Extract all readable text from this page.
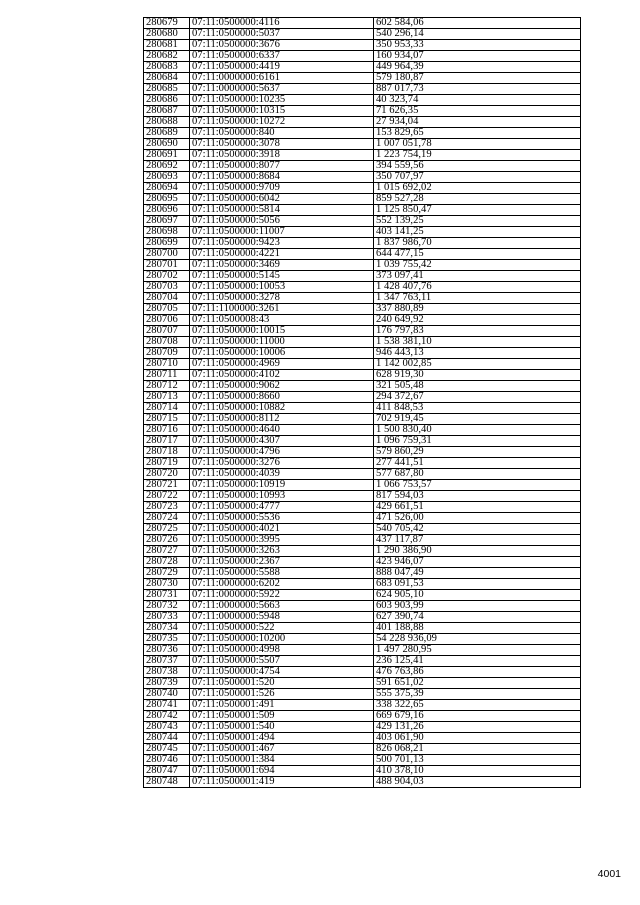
280679	07:11:0500000:4116	602 584,06
280680	07:11:0500000:5037	540 296,14
280681	07:11:0500000:3676	350 953,33
280682	07:11:0500000:6337	160 934,07
280683	07:11:0500000:4419	449 964,39
280684	07:11:0000000:6161	579 180,87
280685	07:11:0000000:5637	887 017,73
280686	07:11:0500000:10235	40 323,74
280687	07:11:0500000:10315	71 626,35
280688	07:11:0500000:10272	27 934,04
280689	07:11:0500000:840	153 829,65
280690	07:11:0500000:3078	1 007 051,78
280691	07:11:0500000:3918	1 223 754,19
280692	07:11:0500000:8077	394 559,56
280693	07:11:0500000:8684	350 707,97
280694	07:11:0500000:9709	1 015 692,02
280695	07:11:0500000:6042	859 527,28
280696	07:11:0500000:5814	1 125 850,47
280697	07:11:0500000:5056	552 139,25
280698	07:11:0500000:11007	403 141,25
280699	07:11:0500000:9423	1 837 986,70
280700	07:11:0500000:4221	644 477,15
280701	07:11:0500000:3469	1 039 755,42
280702	07:11:0500000:5145	373 097,41
280703	07:11:0500000:10053	1 428 407,76
280704	07:11:0500000:3278	1 347 763,11
280705	07:11:1100000:3261	337 880,89
280706	07:11:0500008:43	240 649,92
280707	07:11:0500000:10015	176 797,83
280708	07:11:0500000:11000	1 538 381,10
280709	07:11:0500000:10006	946 443,13
280710	07:11:0500000:4969	1 142 002,85
280711	07:11:0500000:4102	628 919,30
280712	07:11:0500000:9062	321 505,48
280713	07:11:0500000:8660	294 372,67
280714	07:11:0500000:10882	411 848,53
280715	07:11:0500000:8112	702 919,45
280716	07:11:0500000:4640	1 500 830,40
280717	07:11:0500000:4307	1 096 759,31
280718	07:11:0500000:4796	579 860,29
280719	07:11:0500000:3276	277 441,51
280720	07:11:0500000:4039	577 687,80
280721	07:11:0500000:10919	1 066 753,57
280722	07:11:0500000:10993	817 594,03
280723	07:11:0500000:4777	429 661,51
280724	07:11:0500000:5536	471 526,00
280725	07:11:0500000:4021	540 705,42
280726	07:11:0500000:3995	437 117,87
280727	07:11:0500000:3263	1 290 386,90
280728	07:11:0500000:2367	423 946,07
280729	07:11:0500000:5588	888 047,49
280730	07:11:0000000:6202	683 091,53
280731	07:11:0000000:5922	624 905,10
280732	07:11:0000000:5663	603 903,99
280733	07:11:0000000:5948	627 390,74
280734	07:11:0500000:522	401 188,88
280735	07:11:0500000:10200	54 228 936,09
280736	07:11:0500000:4998	1 497 280,95
280737	07:11:0500000:5507	236 125,41
280738	07:11:0500000:4754	476 763,86
280739	07:11:0500001:520	591 651,02
280740	07:11:0500001:526	555 375,39
280741	07:11:0500001:491	338 322,65
280742	07:11:0500001:509	669 679,16
280743	07:11:0500001:540	429 131,26
280744	07:11:0500001:494	403 061,90
280745	07:11:0500001:467	826 068,21
280746	07:11:0500001:384	500 701,13
280747	07:11:0500001:694	410 378,10
280748	07:11:0500001:419	488 904,03
4001
